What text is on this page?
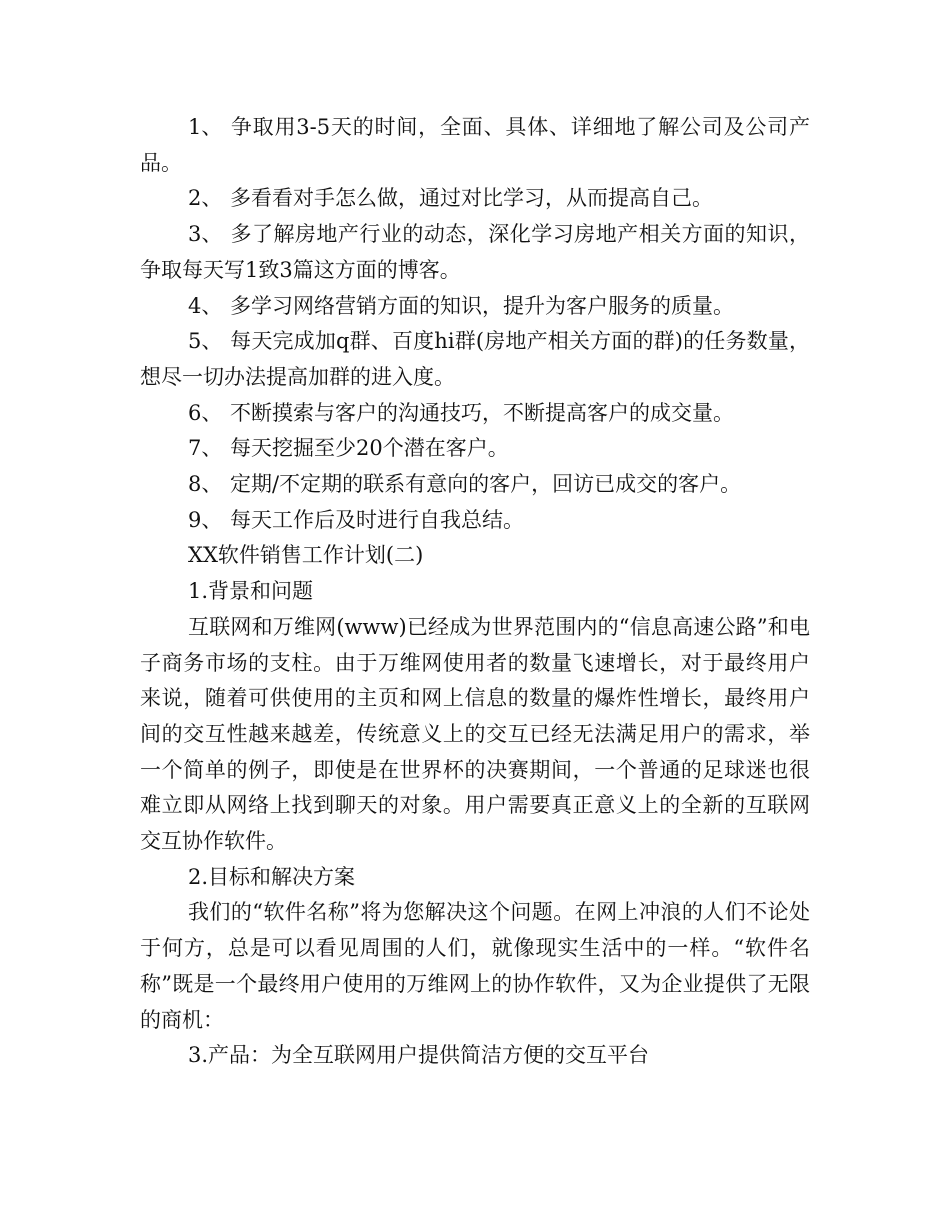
1、 争取用3-5天的时间，全面、具体、详细地了解公司及公司产品。

2、 多看看对手怎么做，通过对比学习，从而提高自己。

3、 多了解房地产行业的动态，深化学习房地产相关方面的知识，争取每天写1致3篇这方面的博客。

4、 多学习网络营销方面的知识，提升为客户服务的质量。

5、 每天完成加q群、百度hi群(房地产相关方面的群)的任务数量，想尽一切办法提高加群的进入度。

6、 不断摸索与客户的沟通技巧，不断提高客户的成交量。

7、 每天挖掘至少20个潜在客户。

8、 定期/不定期的联系有意向的客户，回访已成交的客户。

9、 每天工作后及时进行自我总结。

XX软件销售工作计划(二)

1.背景和问题

互联网和万维网(www)已经成为世界范围内的“信息高速公路”和电子商务市场的支柱。由于万维网使用者的数量飞速增长，对于最终用户来说，随着可供使用的主页和网上信息的数量的爆炸性增长，最终用户间的交互性越来越差，传统意义上的交互已经无法满足用户的需求，举一个简单的例子，即使是在世界杯的决赛期间，一个普通的足球迷也很难立即从网络上找到聊天的对象。用户需要真正意义上的全新的互联网交互协作软件。

2.目标和解决方案

我们的“软件名称”将为您解决这个问题。在网上冲浪的人们不论处于何方，总是可以看见周围的人们，就像现实生活中的一样。“软件名称”既是一个最终用户使用的万维网上的协作软件，又为企业提供了无限的商机：

3.产品：为全互联网用户提供简洁方便的交互平台
